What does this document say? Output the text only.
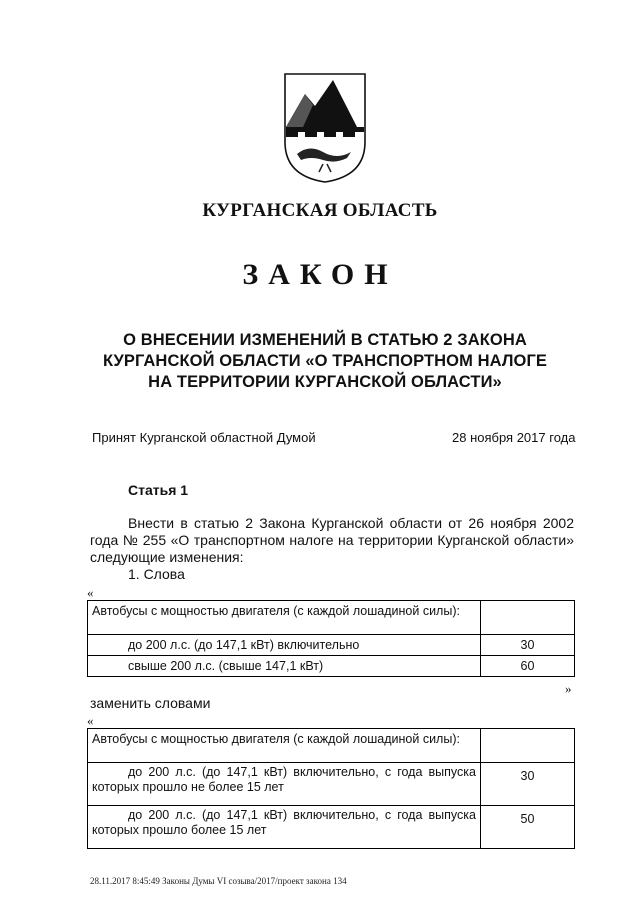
КУРГАНСКАЯ ОБЛАСТЬ
ЗАКОН
О ВНЕСЕНИИ ИЗМЕНЕНИЙ В СТАТЬЮ 2 ЗАКОНА
КУРГАНСКОЙ ОБЛАСТИ «О ТРАНСПОРТНОМ НАЛОГЕ
НА ТЕРРИТОРИИ КУРГАНСКОЙ ОБЛАСТИ»
Принят Курганской областной Думой	28 ноября 2017 года
Статья 1
Внести в статью 2 Закона Курганской области от 26 ноября 2002 года № 255 «О транспортном налоге на территории Курганской области» следующие изменения:
1. Слова
«
Автобусы с мощностью двигателя (с каждой лошадиной силы):	
до 200 л.с. (до 147,1 кВт) включительно	30
свыше 200 л.с. (свыше 147,1 кВт)	60
»
заменить словами
«
Автобусы с мощностью двигателя (с каждой лошадиной силы):	
до 200 л.с. (до 147,1 кВт) включительно, с года выпуска которых прошло не более 15 лет	30
до 200 л.с. (до 147,1 кВт) включительно, с года выпуска которых прошло более 15 лет	50
28.11.2017 8:45:49 Законы Думы VI созыва/2017/проект закона 134
